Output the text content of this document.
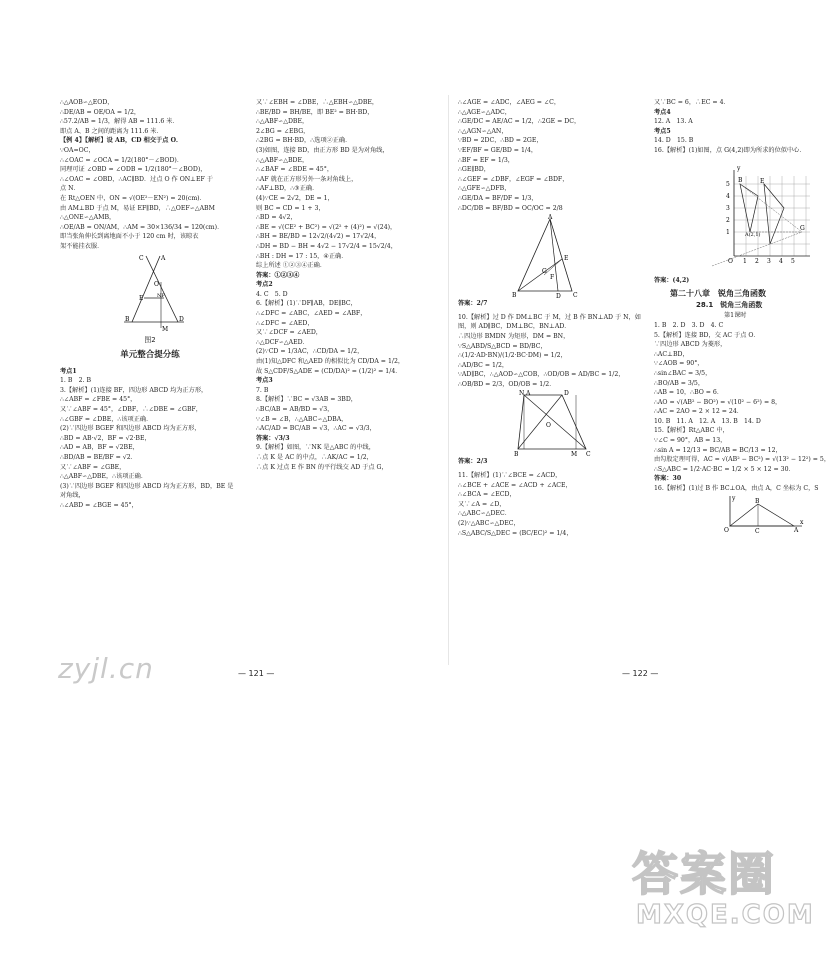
∴△AOB∽△EOD，

∴DE/AB = OE/OA = 1/2，

∴57.2/AB = 1/3，解得 AB = 111.6 米．

即点 A、B 之间的距离为 111.6 米．

【例 4】【解析】设 AB，CD 相交于点 O．

∵OA=OC，

∴∠OAC = ∠OCA = 1/2(180°－∠BOD)．

同理可证 ∠OBD = ∠ODB = 1/2(180°－∠BOD)，

∴∠OAC = ∠OBD，∴AC∥BD．过点 O 作 ON⊥EF 于

点 N．

在 Rt△OEN 中，ON = √(OE²－EN²) = 20(cm)．

由 AM⊥BD 于点 M，易证 EF∥BD，∴△OEF∽△ABM

∴△ONE∽△AMB，

∴OE/AB = ON/AM，∴AM = 30×136/34 = 120(cm)．

即当张角伸长到离地面不小于 120 cm 时，该晾衣

架不能挂衣服．

C	A
O
E	NF
B	D
M

图2

单元整合提分练

考点1

1. B　2. B

3.【解析】(1)连接 BF，四边形 ABCD 均为正方形，

∴∠ABF = ∠FBE = 45°，

又∵∠ABF = 45°，∠DBF，∴∠DBE = ∠GBF，

∴∠GBF = ∠DBE，∴该项正确．

(2)∵四边形 BGEF 和四边形 ABCD 均为正方形，

∴BD = AB·√2，BF = √2·BE，

∴AD = AB，BF = √2BE，

∴BD/AB = BE/BF = √2．

又∵∠ABF = ∠GBE，

∴△ABF∽△DBE，∴该项正确．

(3)∵四边形 BGEF 和四边形 ABCD 均为正方形，BD，BE 是

对角线，

∴∠ABD = ∠BGE = 45°，

又∵∠EBH = ∠DBE，∴△EBH∽△DBE，

∴BE/BD = BH/BE，即 BE² = BH·BD，

∴△ABF∽△DBE，

2∠BG = ∠EBG，

∴2BG = BH·BD，∴选项②正确．

(3)如图，连接 BD，由正方形 BD 是为对角线，

∴△ABF∽△BDE，

∴∠BAF = ∠BDE = 45°，

∴AF 就在正方形另外一条对角线上，

∴AF⊥BD，∴③正确．

(4)∵CE = 2√2，DE = 1，

则 BC = CD = 1 + 3，

∴BD = 4√2，

∴BE = √(CE² + BC²) = √(2² + (4)²) = √(24)，

∴BH = BE/BD = 12√2/(4√2) = 17√2/4，

∴DH = BD − BH = 4√2 − 17√2/4 = 15√2/4，

∴BH : DH = 17 : 15，④正确．

综上所述 ①②③④正确．

答案：①②③④

考点2

4. C　5. D

6.【解析】(1)∵DF∥AB，DE∥BC，

∴∠DFC = ∠ABC，∠AED = ∠ABF，

∴∠DFC = ∠AED，

又∵∠DCF = ∠AED，

∴△DCF∽△AED．

(2)∵CD = 1/3AC，∴CD/DA = 1/2，

由(1)知△DFC 和△AED 的相似比为 CD/DA = 1/2，

故 S△CDF/S△ADE = (CD/DA)² = (1/2)² = 1/4．

考点3

7. B

8.【解析】∵BC = √3AB = 3BD，

∴BC/AB = AB/BD = √3，

∵∠B = ∠B，∴△ABC∽△DBA，

∴AC/AD = BC/AB = √3，∴AC = √3/3，

答案：√3/3

9.【解析】如图，∵NK 是△ABC 的中线，

∴点 K 是 AC 的中点，∴AK/AC = 1/2，

∴点 K 过点 E 作 BN 的平行线交 AD 于点 G，

∴∠AGE = ∠ADC，∠AEG = ∠C，

∴△AGE∽△ADC，

∴GE/DC = AE/AC = 1/2，∴2GE = DC，

∴△AGN∽△AN，

∵BD = 2DC，∴BD = 2GE，

∵EF/BF = GE/BD = 1/4，

∴BF = EF = 1/3，

∴GE∥BD，

∴∠GEF = ∠DBF，∠EGF = ∠BDF，

∴△GFE∽△DFB，

∴GE/DA = BF/DF = 1/3，

∴DC/DB = BF/BD = OC/OC = 2/8

A
E
G
F
B	D C

答案：2/7

10.【解析】过 D 作 DM⊥BC 于 M，过 B 作 BN⊥AD 于 N，如

图，则 AD∥BC，DM⊥BC，BN⊥AD．

∴四边形 BMDN 为矩形，DM = BN，

∵S△ABD/S△BCD = BD/BC，

∴(1/2·AD·BN)/(1/2·BC·DM) = 1/2，

∴AD/BC = 1/2，

∵AD∥BC，∴△AOD∽△COB，∴OD/OB = AD/BC = 1/2，

∴OB/BD = 2/3，OD/OB = 1/2．

N A	D
O
B	M C

答案：2/3

11.【解析】(1)∵∠BCE = ∠ACD，

∴∠BCE + ∠ACE = ∠ACD + ∠ACE，

∴∠BCA = ∠ECD，

又∵∠A = ∠D，

∴△ABC∽△DEC．

(2)∵△ABC∽△DEC，

∴S△ABC/S△DEC = (BC/EC)² = 1/4，

又∵BC = 6，∴EC = 4．

考点4

12. A　13. A

考点5

14. D　15. B

16.【解析】(1)如图，点 G(4,2)即为所求的位似中心．

y
5
4
3
2
1
O 1 2 3 4 5
B	E
A(2,1)
G

答案：(4,2)

第二十八章　锐角三角函数

28.1　锐角三角函数

第1课时

1. B　2. D　3. D　4. C

5.【解析】连接 BD，交 AC 于点 O．

∵四边形 ABCD 为菱形，

∴AC⊥BD，

∵∠AOB = 90°，

∴sin∠BAC = 3/5，

∴BO/AB = 3/5，

∴AB = 10，∴BO = 6．

∴AO = √(AB² − BO²) = √(10² − 6²) = 8，

∴AC = 2AO = 2 × 12 = 24．

10. B　11. A　12. A　13. B　14. D

15.【解析】Rt△ABC 中，

∵∠C = 90°，AB = 13，

∴sin A = 12/13 = BC/AB = BC/13 = 12，

由勾股定理可得，AC = √(AB² − BC²) = √(13² − 12²) = 5，

∴S△ABC = 1/2·AC·BC = 1/2 × 5 × 12 = 30．

答案：30

16.【解析】(1)过 B 作 BC⊥OA，由点 A，C 坐标为 C，S

y
O
B
C	A
x
— 121 —	— 122 —
zyjl.cn
答案圈
MXQE.COM
